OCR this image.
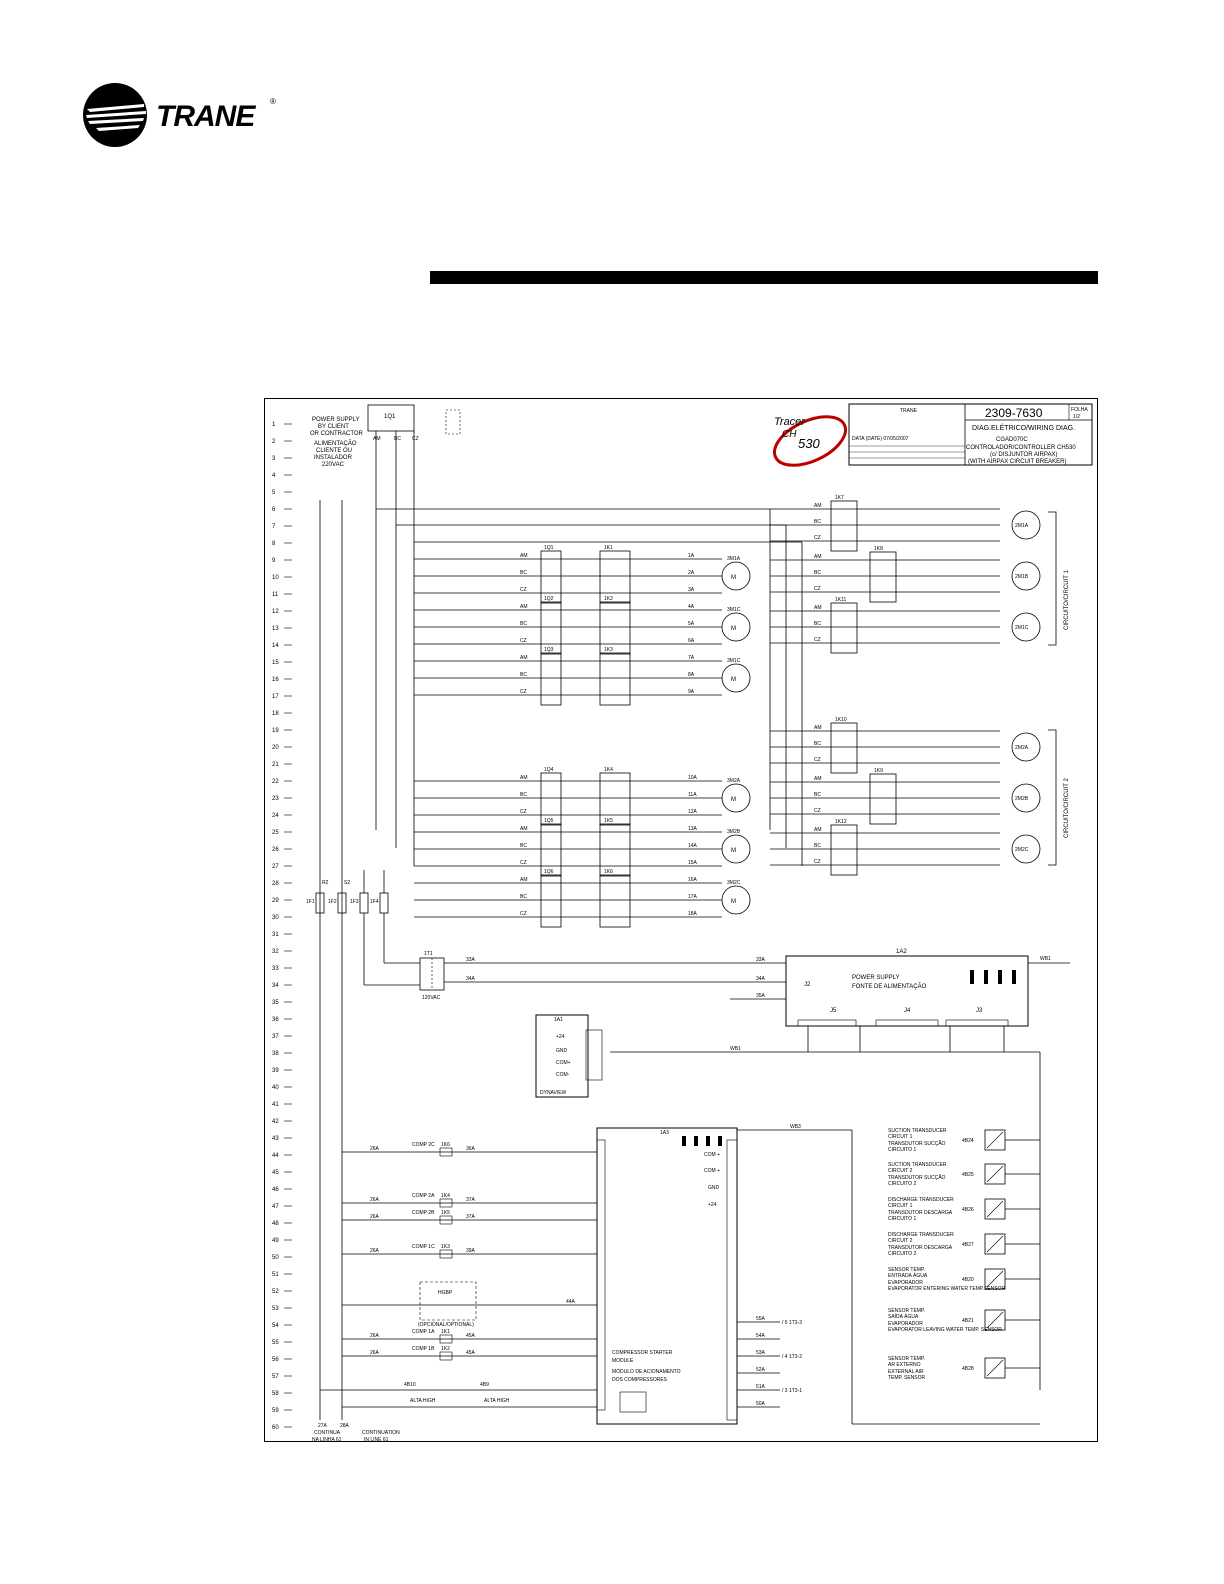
TRANE ®
1
2
3
4
5
6
7
8
9
10
11
12
13
14
15
16
17
18
19
20
21
22
23
24
25
26
27
28
29
30
31
32
33
34
35
36
37
38
39
40
41
42
43
44
45
46
47
48
49
50
51
52
53
54
55
56
57
58
59
60
POWER SUPPLY
BY CLIENT
OR CONTRACTOR
ALIMENTAÇÃO
CLIENTE OU
INSTALADOR
220VAC
1Q1
AM	BC CZ
Tracer
CH
530
TRANE
DATA (DATE) 07/05/2007
2309-7630	FOLHA
1/2
DIAG.ELÉTRICO/WIRING DIAG.
CGAD070C
CONTROLADOR/CONTROLLER CH530
(c/ DISJUNTOR AIRPAX)
(WITH AIRPAX CIRCUIT BREAKER)
AM	1A
BC	2A
CZ	3A
1Q1	1K1
M
3M1A
AM	4A
BC	5A
CZ	6A
1Q2	1K2
M
3M1C
AM	7A
BC	8A
CZ	9A
1Q3	1K3
M
3M1C
AM	10A
BC	11A
CZ	12A
1Q4	1K4
M
3M2A
AM	13A
BC	14A
CZ	15A
1Q5	1K5
M
3M2B
AM	16A
BC	17A
CZ	18A
1Q6	1K6
M
3M2C
AM
BC
CZ
1K7
2M1A
AM
BC
CZ
1K8
2M1B
AM
BC
CZ
1K11
2M1C
AM
BC
CZ
1K10
2M2A
AM
BC
CZ
1K9
2M2B
AM
BC
CZ
1K12
2M2C
CIRCUITO/CIRCUIT 1
CIRCUITO/CIRCUIT 2
1F1	1F2	1F3 1F4
R2	S2
1T1
120VAC
33A
34A
33A
34A
35A
1A2
POWER SUPPLY
FONTE DE ALIMENTAÇÃO
J2
J5	J4	J3
WB1
WB1
1A1
+24
GND
COM+
COM-
DYNAVIEW
1A3
COMPRESSOR STARTER
MODULE
MÓDULO DE ACIONAMENTO
DOS COMPRESSORES
COM +
COM +
GND
+24
WB3
26A
COMP 2C 1K6
36A
26A
COMP 2A 1K4
37A
26A
COMP 2B 1K5
37A
26A
COMP 1C 1K3
39A
26A
COMP 1A 1K1
45A
26A
COMP 1B 1K2
45A
HGBP
(OPCIONAL/OPTIONAL)
44A
4B10	4B9
ALTA HIGH	ALTA HIGH
55A
/ 5 1T3-3
54A
53A
/ 4 1T3-2
52A
51A
/ 3 1T3-1
50A
SUCTION TRANSDUCER
CIRCUIT 1
TRANSDUTOR SUCÇÃO
CIRCUITO 1
4B24
SUCTION TRANSDUCER
CIRCUIT 2
TRANSDUTOR SUCÇÃO
CIRCUITO 2
4B25
DISCHARGE TRANSDUCER
CIRCUIT 1
TRANSDUTOR DESCARGA
CIRCUITO 1
4B26
DISCHARGE TRANSDUCER
CIRCUIT 2
TRANSDUTOR DESCARGA
CIRCUITO 2
4B27
SENSOR TEMP.
ENTRADA ÁGUA
EVAPORADOR
EVAPORATOR ENTERING WATER TEMP.SENSOR
4B20
SENSOR TEMP.
SAÍDA ÁGUA
EVAPORADOR
EVAPORATOR LEAVING WATER TEMP. SENSOR
4B21
SENSOR TEMP.
AR EXTERNO
EXTERNAL AIR
TEMP. SENSOR
4B28
27A	28A
CONTINUA
NA LINHA 61
CONTINUATION
IN LINE 61
